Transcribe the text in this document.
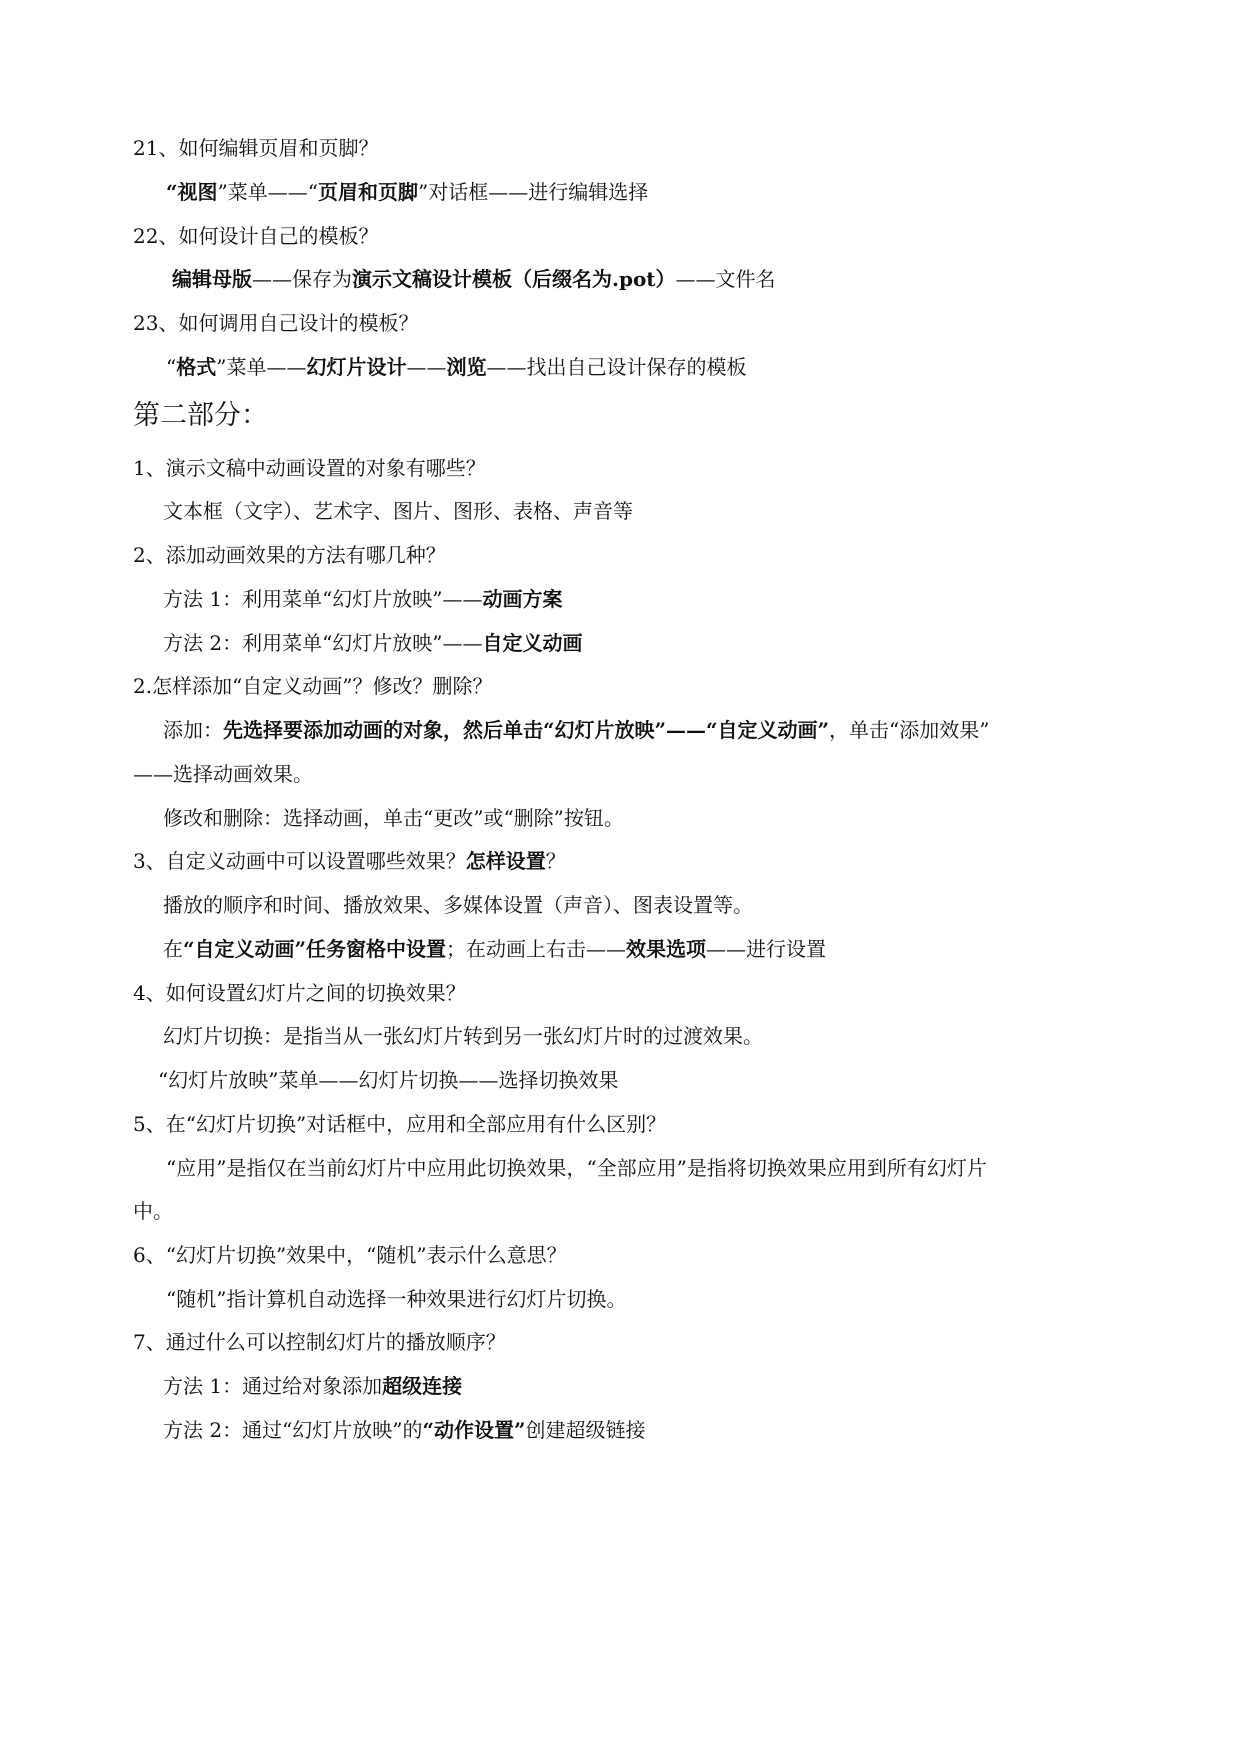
21、如何编辑页眉和页脚？
“视图”菜单——“页眉和页脚”对话框——进行编辑选择
22、如何设计自己的模板？
编辑母版——保存为演示文稿设计模板（后缀名为.pot）——文件名
23、如何调用自己设计的模板？
“格式”菜单——幻灯片设计——浏览——找出自己设计保存的模板
第二部分：
1、演示文稿中动画设置的对象有哪些？
文本框（文字）、艺术字、图片、图形、表格、声音等
2、添加动画效果的方法有哪几种？
方法 1：利用菜单“幻灯片放映”——动画方案
方法 2：利用菜单“幻灯片放映”——自定义动画
2.怎样添加“自定义动画”？修改？删除？
添加：先选择要添加动画的对象，然后单击“幻灯片放映”——“自定义动画”，单击“添加效果”
——选择动画效果。
修改和删除：选择动画，单击“更改”或“删除”按钮。
3、自定义动画中可以设置哪些效果？怎样设置？
播放的顺序和时间、播放效果、多媒体设置（声音）、图表设置等。
在“自定义动画”任务窗格中设置；在动画上右击——效果选项——进行设置
4、如何设置幻灯片之间的切换效果？
幻灯片切换：是指当从一张幻灯片转到另一张幻灯片时的过渡效果。
“幻灯片放映”菜单——幻灯片切换——选择切换效果
5、在“幻灯片切换”对话框中，应用和全部应用有什么区别？
“应用”是指仅在当前幻灯片中应用此切换效果，“全部应用”是指将切换效果应用到所有幻灯片
中。
6、“幻灯片切换”效果中，“随机”表示什么意思？
“随机”指计算机自动选择一种效果进行幻灯片切换。
7、通过什么可以控制幻灯片的播放顺序？
方法 1：通过给对象添加超级连接
方法 2：通过“幻灯片放映”的“动作设置”创建超级链接
